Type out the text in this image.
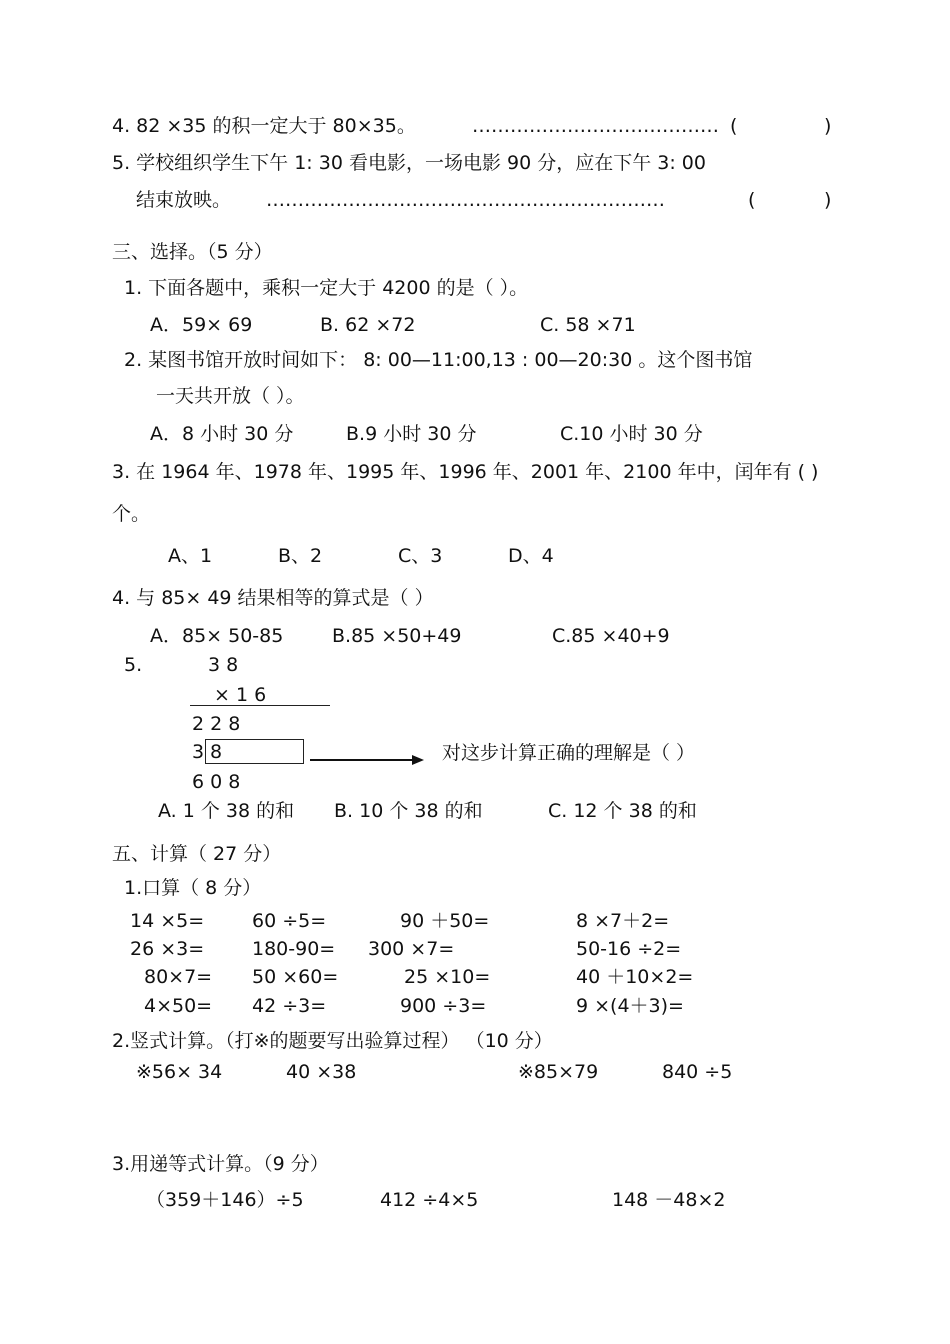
4. 82 ×35 的积一定大于 80×35。	………………………………… (	)
5. 学校组织学生下午 1: 30 看电影，一场电影 90 分，应在下午 3: 00
结束放映。 ………………………………………………………	(	)
三、选择。（5 分）
1. 下面各题中，乘积一定大于 4200 的是（ ）。
A．59× 69	B. 62 ×72	C. 58 ×71
2. 某图书馆开放时间如下： 8: 00—11:00,13 : 00—20:30 。这个图书馆
一天共开放（ ）。
A．8 小时 30 分	B.9 小时 30 分	C.10 小时 30 分
3. 在 1964 年、1978 年、1995 年、1996 年、2001 年、2100 年中，闰年有 ( )
个。
A、1	B、2	C、3	D、4
4. 与 85× 49 结果相等的算式是（ ）
A．85× 50-85	B.85 ×50+49	C.85 ×40+9
5.	3 8
× 1 6
2 2 8
3 8	对这步计算正确的理解是（ ）
6 0 8
A. 1 个 38 的和 B. 10 个 38 的和	C. 12 个 38 的和
五、计算（ 27 分）
1.口算（ 8 分）
14 ×5=	60 ÷5=	90 ＋50=	8 ×7＋2=
26 ×3=	180-90= 300 ×7=	50-16 ÷2=
80×7= 50 ×60=	25 ×10=	40 ＋10×2=
4×50= 42 ÷3=	900 ÷3=	9 ×(4＋3)=
2.竖式计算。（打※的题要写出验算过程） （10 分）
※56× 34	40 ×38	※85×79	840 ÷5
3.用递等式计算。（9 分）
（359＋146）÷5	412 ÷4×5	148 －48×2
